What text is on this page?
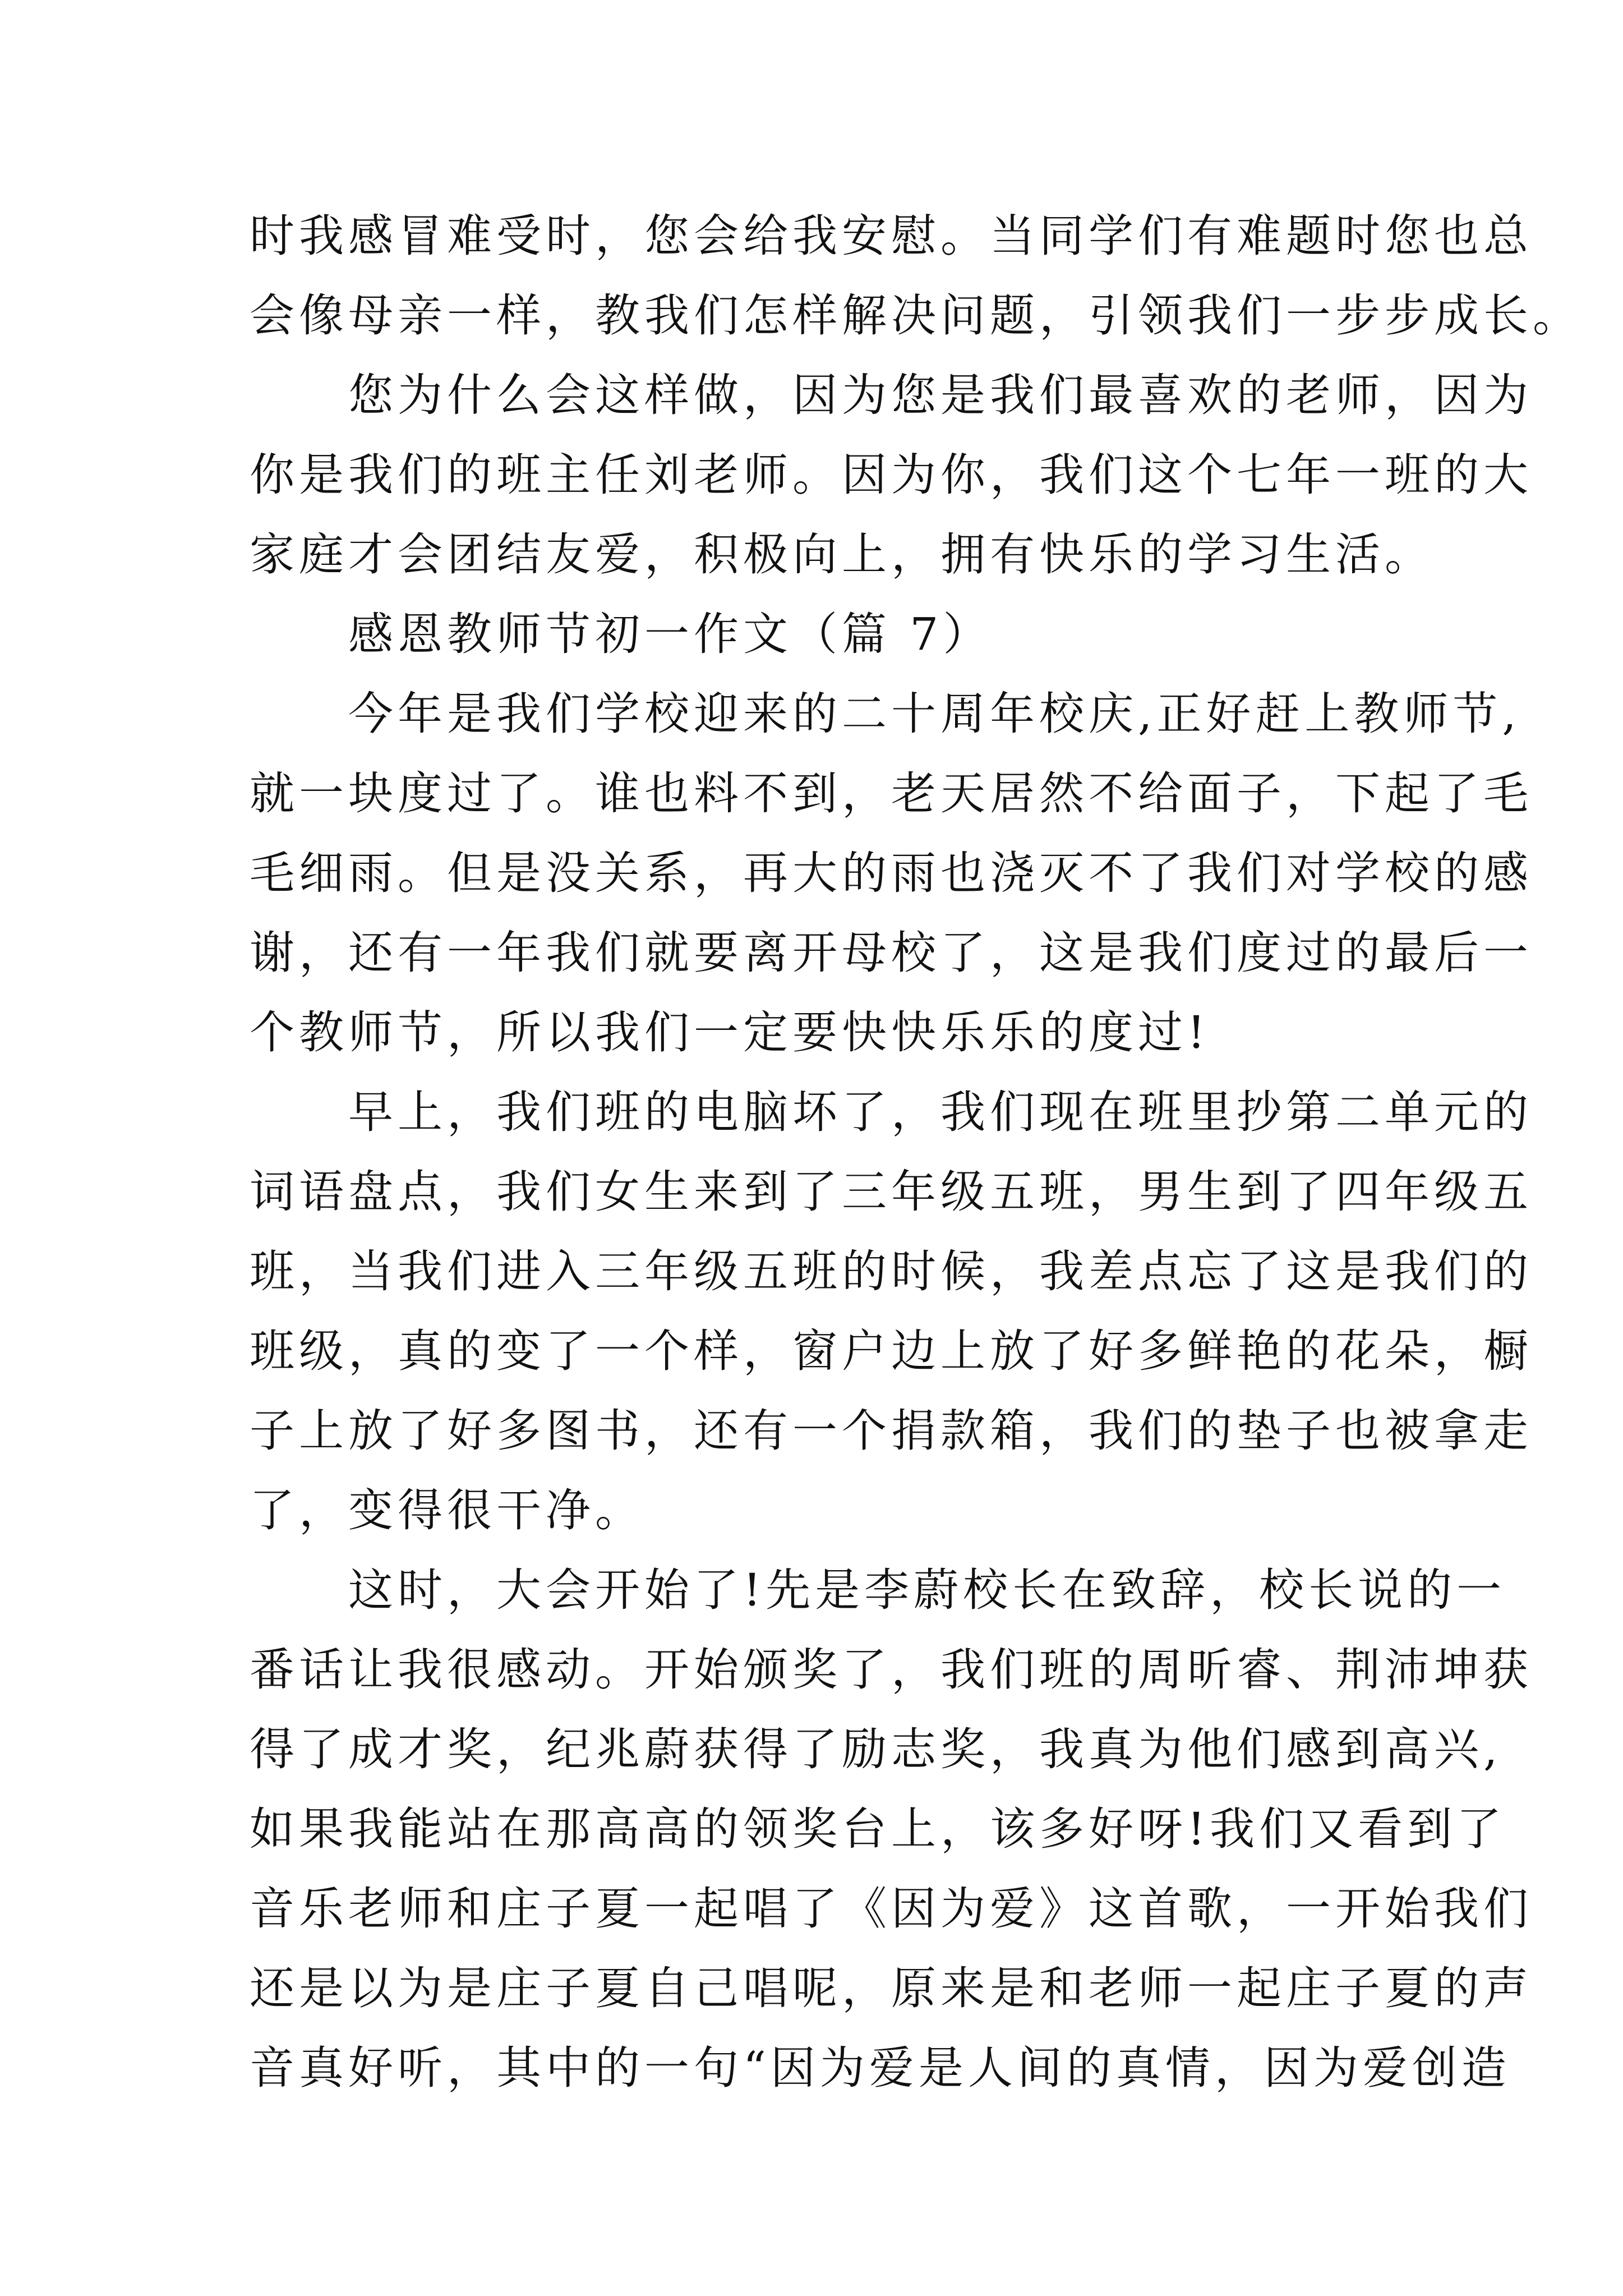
时我感冒难受时，您会给我安慰。当同学们有难题时您也总
会像母亲一样，教我们怎样解决问题，引领我们一步步成长。
　　您为什么会这样做，因为您是我们最喜欢的老师，因为
你是我们的班主任刘老师。因为你，我们这个七年一班的大
家庭才会团结友爱，积极向上，拥有快乐的学习生活。
　　感恩教师节初一作文（篇 7）
　　今年是我们学校迎来的二十周年校庆,正好赶上教师节,
就一块度过了。谁也料不到，老天居然不给面子，下起了毛
毛细雨。但是没关系，再大的雨也浇灭不了我们对学校的感
谢，还有一年我们就要离开母校了，这是我们度过的最后一
个教师节，所以我们一定要快快乐乐的度过!
　　早上，我们班的电脑坏了，我们现在班里抄第二单元的
词语盘点，我们女生来到了三年级五班，男生到了四年级五
班，当我们进入三年级五班的时候，我差点忘了这是我们的
班级，真的变了一个样，窗户边上放了好多鲜艳的花朵，橱
子上放了好多图书，还有一个捐款箱，我们的垫子也被拿走
了，变得很干净。
　　这时，大会开始了!先是李蔚校长在致辞，校长说的一
番话让我很感动。开始颁奖了，我们班的周昕睿、荆沛坤获
得了成才奖，纪兆蔚获得了励志奖，我真为他们感到高兴,
如果我能站在那高高的领奖台上，该多好呀!我们又看到了
音乐老师和庄子夏一起唱了《因为爱》这首歌，一开始我们
还是以为是庄子夏自己唱呢，原来是和老师一起庄子夏的声
音真好听，其中的一句“因为爱是人间的真情，因为爱创造
